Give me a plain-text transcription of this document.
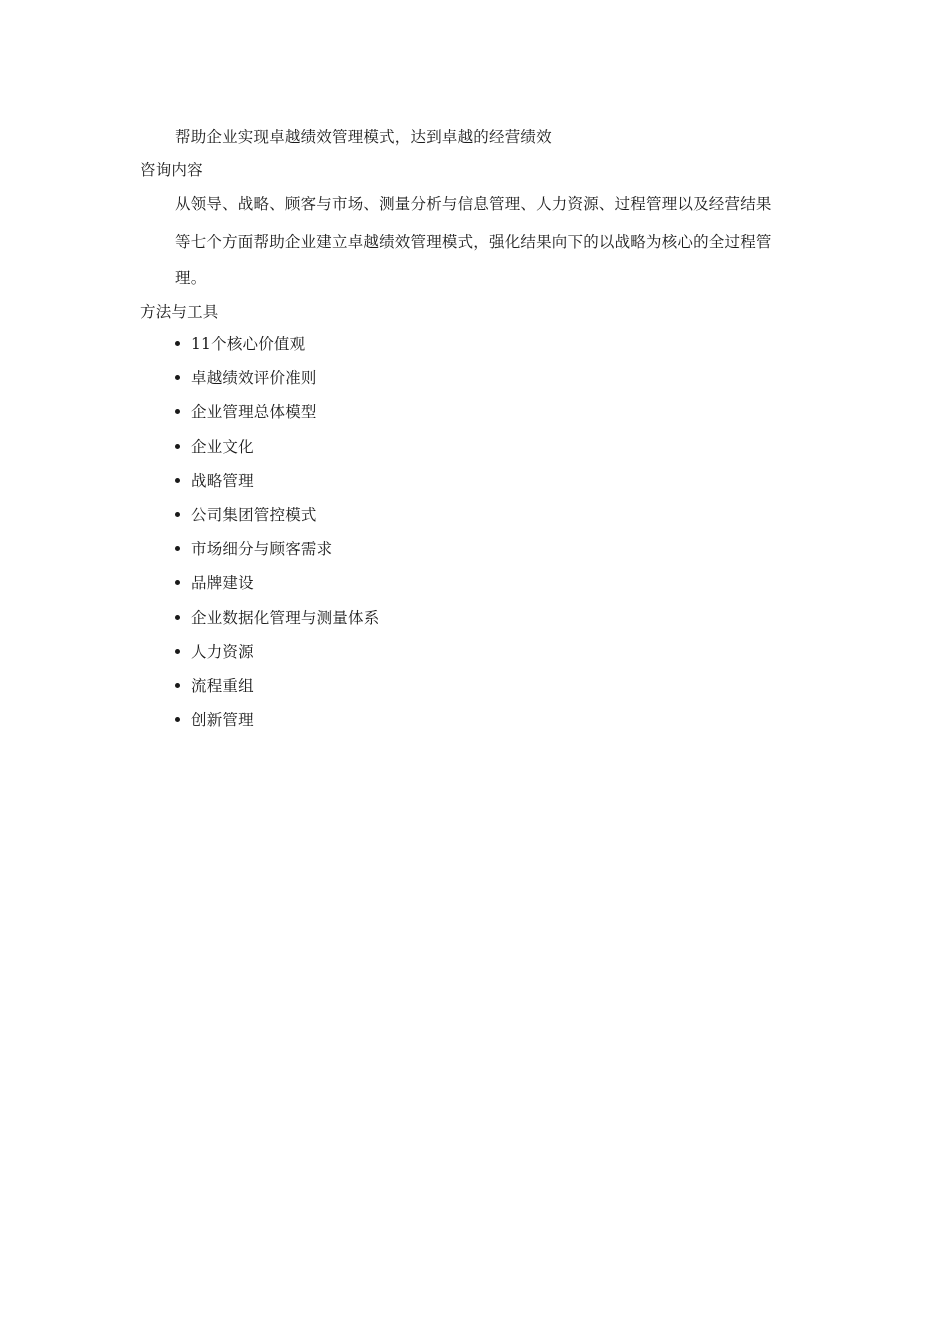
帮助企业实现卓越绩效管理模式，达到卓越的经营绩效
咨询内容
从领导、战略、顾客与市场、测量分析与信息管理、人力资源、过程管理以及经营结果
等七个方面帮助企业建立卓越绩效管理模式，强化结果向下的以战略为核心的全过程管
理。
方法与工具
11个核心价值观
卓越绩效评价准则
企业管理总体模型
企业文化
战略管理
公司集团管控模式
市场细分与顾客需求
品牌建设
企业数据化管理与测量体系
人力资源
流程重组
创新管理
